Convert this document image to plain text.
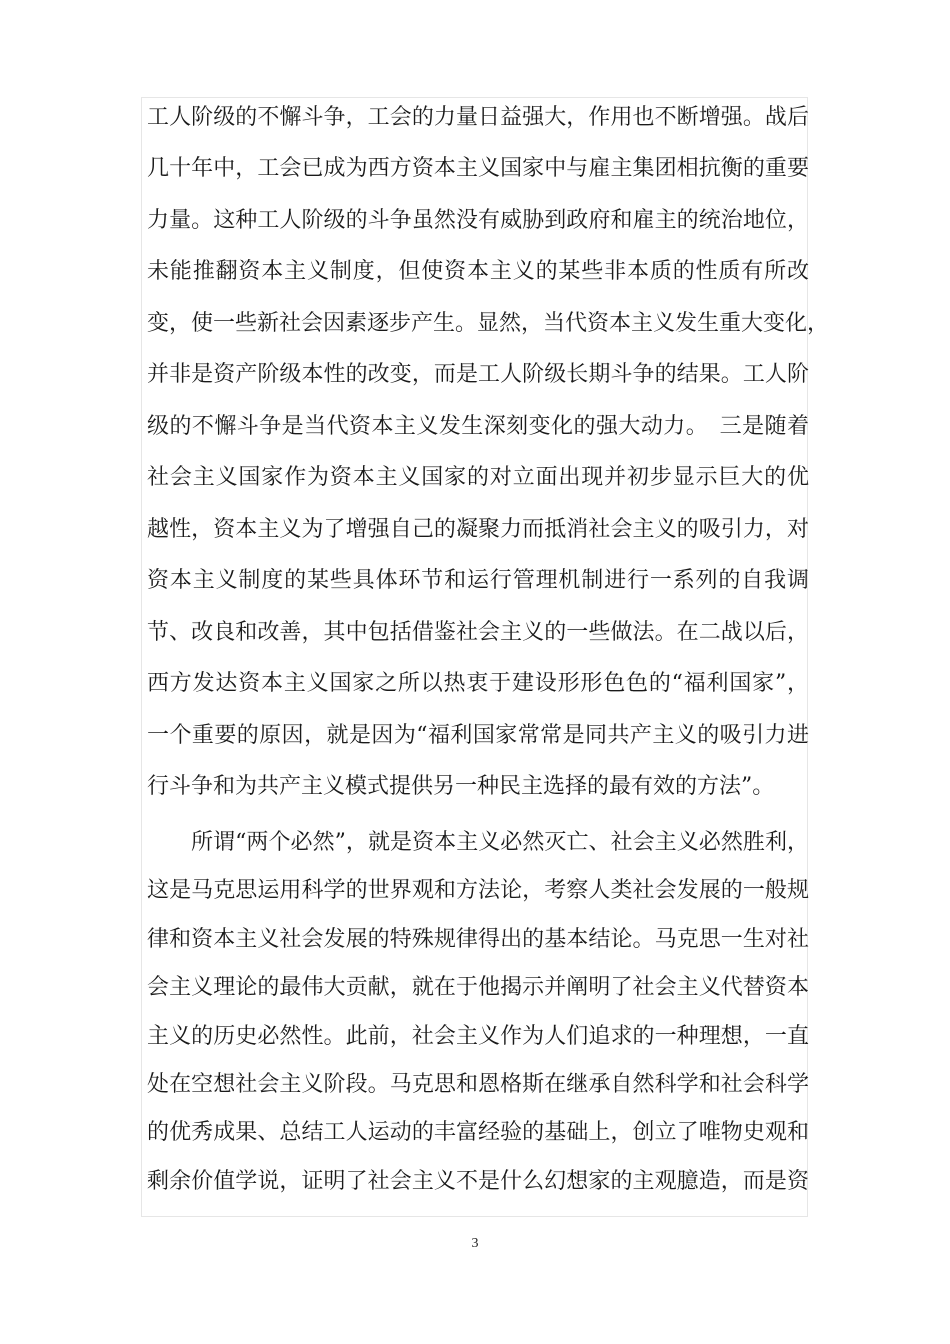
工人阶级的不懈斗争，工会的力量日益强大，作用也不断增强。战后
几十年中，工会已成为西方资本主义国家中与雇主集团相抗衡的重要
力量。这种工人阶级的斗争虽然没有威胁到政府和雇主的统治地位，
未能推翻资本主义制度，但使资本主义的某些非本质的性质有所改
变，使一些新社会因素逐步产生。显然，当代资本主义发生重大变化，
并非是资产阶级本性的改变，而是工人阶级长期斗争的结果。工人阶
级的不懈斗争是当代资本主义发生深刻变化的强大动力。　三是随着
社会主义国家作为资本主义国家的对立面出现并初步显示巨大的优
越性，资本主义为了增强自己的凝聚力而抵消社会主义的吸引力，对
资本主义制度的某些具体环节和运行管理机制进行一系列的自我调
节、改良和改善，其中包括借鉴社会主义的一些做法。在二战以后，
西方发达资本主义国家之所以热衷于建设形形色色的“福利国家”，
一个重要的原因，就是因为“福利国家常常是同共产主义的吸引力进
行斗争和为共产主义模式提供另一种民主选择的最有效的方法”。
所谓“两个必然”，就是资本主义必然灭亡、社会主义必然胜利，
这是马克思运用科学的世界观和方法论，考察人类社会发展的一般规
律和资本主义社会发展的特殊规律得出的基本结论。马克思一生对社
会主义理论的最伟大贡献，就在于他揭示并阐明了社会主义代替资本
主义的历史必然性。此前，社会主义作为人们追求的一种理想，一直
处在空想社会主义阶段。马克思和恩格斯在继承自然科学和社会科学
的优秀成果、总结工人运动的丰富经验的基础上，创立了唯物史观和
剩余价值学说，证明了社会主义不是什么幻想家的主观臆造，而是资
3
